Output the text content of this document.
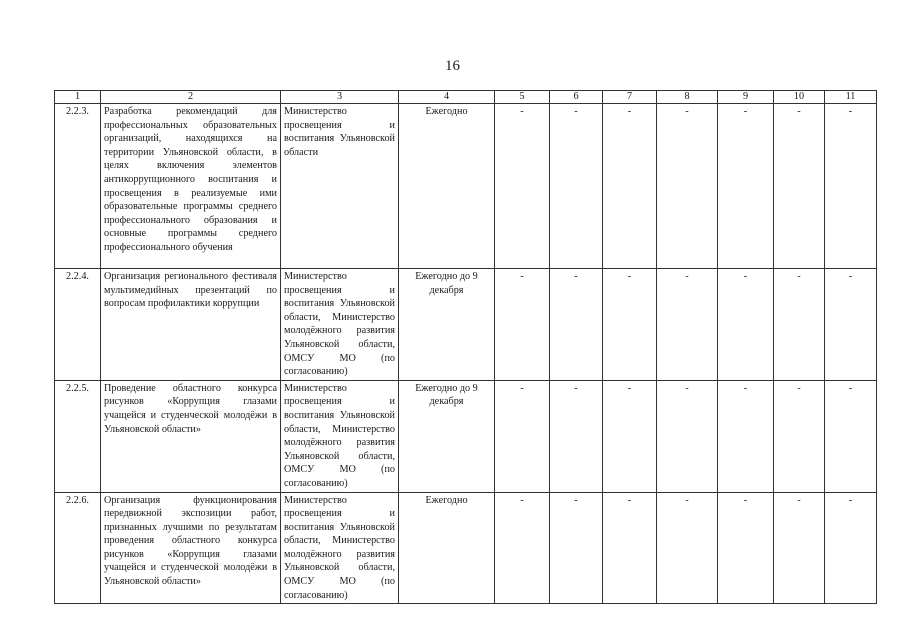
16
1	2	3	4	5	6	7	8	9	10	11
2.2.3.	Разработка рекомендаций для профессиональных образовательных организаций, находящихся на территории Ульяновской области, в целях включения элементов антикоррупционного воспитания и просвещения в реализуемые ими образовательные программы среднего профессионального образования и основные программы среднего профессионального обучения	Министерство просвещения и воспитания Ульяновской области	Ежегодно	-	-	-	-	-	-	-
2.2.4.	Организация регионального фестиваля мультимедийных презентаций по вопросам профилактики коррупции	Министерство просвещения и воспитания Ульяновской области, Министерство молодёжного развития Ульяновской области, ОМСУ МО (по согласованию)	Ежегодно до 9 декабря	-	-	-	-	-	-	-
2.2.5.	Проведение областного конкурса рисунков «Коррупция глазами учащейся и студенческой молодёжи в Ульяновской области»	Министерство просвещения и воспитания Ульяновской области, Министерство молодёжного развития Ульяновской области, ОМСУ МО (по согласованию)	Ежегодно до 9 декабря	-	-	-	-	-	-	-
2.2.6.	Организация функционирования передвижной экспозиции работ, признанных лучшими по результатам проведения областного конкурса рисунков «Коррупция глазами учащейся и студенческой молодёжи в Ульяновской области»	Министерство просвещения и воспитания Ульяновской области, Министерство молодёжного развития Ульяновской области, ОМСУ МО (по согласованию)	Ежегодно	-	-	-	-	-	-	-
